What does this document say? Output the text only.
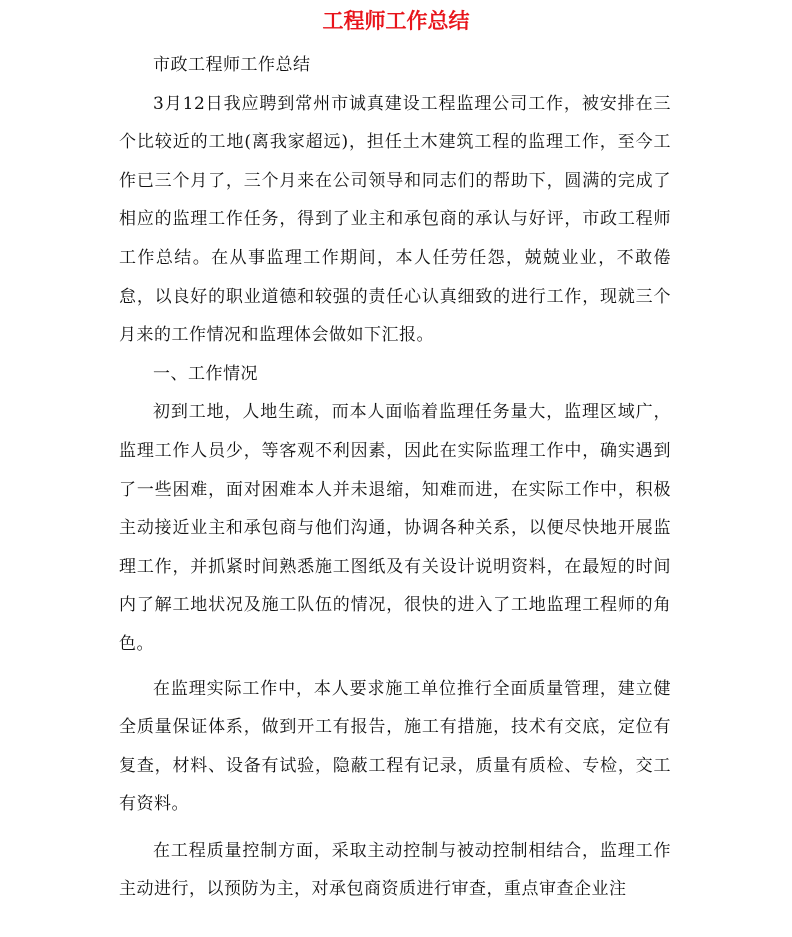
工程师工作总结

市政工程师工作总结

3月12日我应聘到常州市诚真建设工程监理公司工作，被安排在三个比较近的工地(离我家超远)，担任土木建筑工程的监理工作，至今工作已三个月了，三个月来在公司领导和同志们的帮助下，圆满的完成了相应的监理工作任务，得到了业主和承包商的承认与好评，市政工程师工作总结。在从事监理工作期间，本人任劳任怨，兢兢业业，不敢倦怠，以良好的职业道德和较强的责任心认真细致的进行工作，现就三个月来的工作情况和监理体会做如下汇报。

一、工作情况

初到工地，人地生疏，而本人面临着监理任务量大，监理区域广，监理工作人员少，等客观不利因素，因此在实际监理工作中，确实遇到了一些困难，面对困难本人并未退缩，知难而进，在实际工作中，积极主动接近业主和承包商与他们沟通，协调各种关系，以便尽快地开展监理工作，并抓紧时间熟悉施工图纸及有关设计说明资料，在最短的时间内了解工地状况及施工队伍的情况，很快的进入了工地监理工程师的角色。

在监理实际工作中，本人要求施工单位推行全面质量管理，建立健全质量保证体系，做到开工有报告，施工有措施，技术有交底，定位有复查，材料、设备有试验，隐蔽工程有记录，质量有质检、专检，交工有资料。

在工程质量控制方面，采取主动控制与被动控制相结合，监理工作主动进行，以预防为主，对承包商资质进行审查，重点审查企业注
